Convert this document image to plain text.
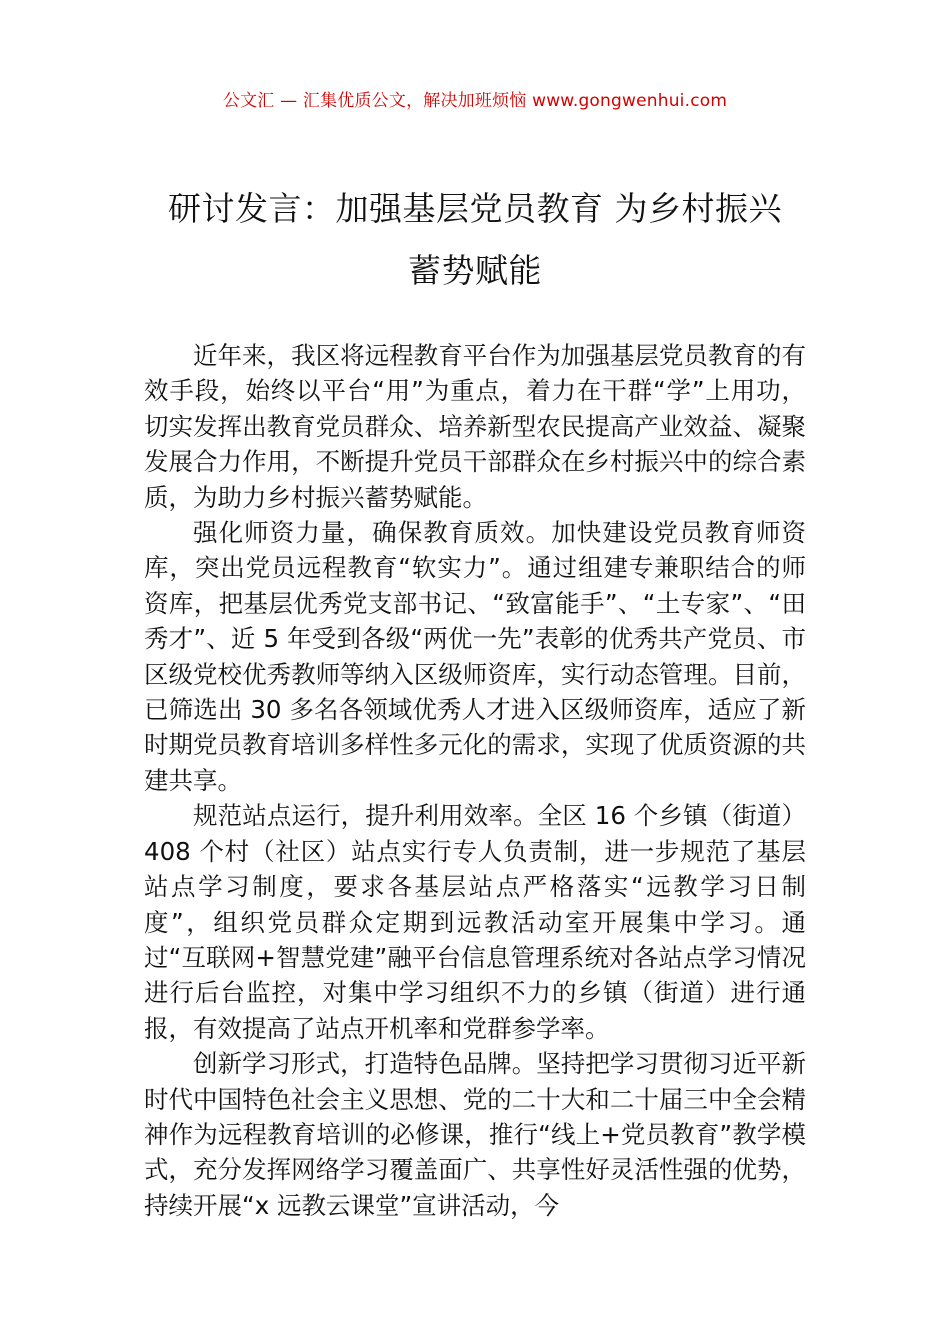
公文汇 — 汇集优质公文，解决加班烦恼 www.gongwenhui.com
研讨发言：加强基层党员教育 为乡村振兴
蓄势赋能

近年来，我区将远程教育平台作为加强基层党员教育的有效手段，始终以平台“用”为重点，着力在干群“学”上用功，切实发挥出教育党员群众、培养新型农民提高产业效益、凝聚发展合力作用，不断提升党员干部群众在乡村振兴中的综合素质，为助力乡村振兴蓄势赋能。

强化师资力量，确保教育质效。加快建设党员教育师资库，突出党员远程教育“软实力”。通过组建专兼职结合的师资库，把基层优秀党支部书记、“致富能手”、“土专家”、“田秀才”、近 5 年受到各级“两优一先”表彰的优秀共产党员、市区级党校优秀教师等纳入区级师资库，实行动态管理。目前，已筛选出 30 多名各领域优秀人才进入区级师资库，适应了新时期党员教育培训多样性多元化的需求，实现了优质资源的共建共享。

规范站点运行，提升利用效率。全区 16 个乡镇（街道）408 个村（社区）站点实行专人负责制，进一步规范了基层站点学习制度，要求各基层站点严格落实“远教学习日制度”，组织党员群众定期到远教活动室开展集中学习。通过“互联网+智慧党建”融平台信息管理系统对各站点学习情况进行后台监控，对集中学习组织不力的乡镇（街道）进行通报，有效提高了站点开机率和党群参学率。

创新学习形式，打造特色品牌。坚持把学习贯彻习近平新时代中国特色社会主义思想、党的二十大和二十届三中全会精神作为远程教育培训的必修课，推行“线上+党员教育”教学模式，充分发挥网络学习覆盖面广、共享性好灵活性强的优势，持续开展“x 远教云课堂”宣讲活动，今
